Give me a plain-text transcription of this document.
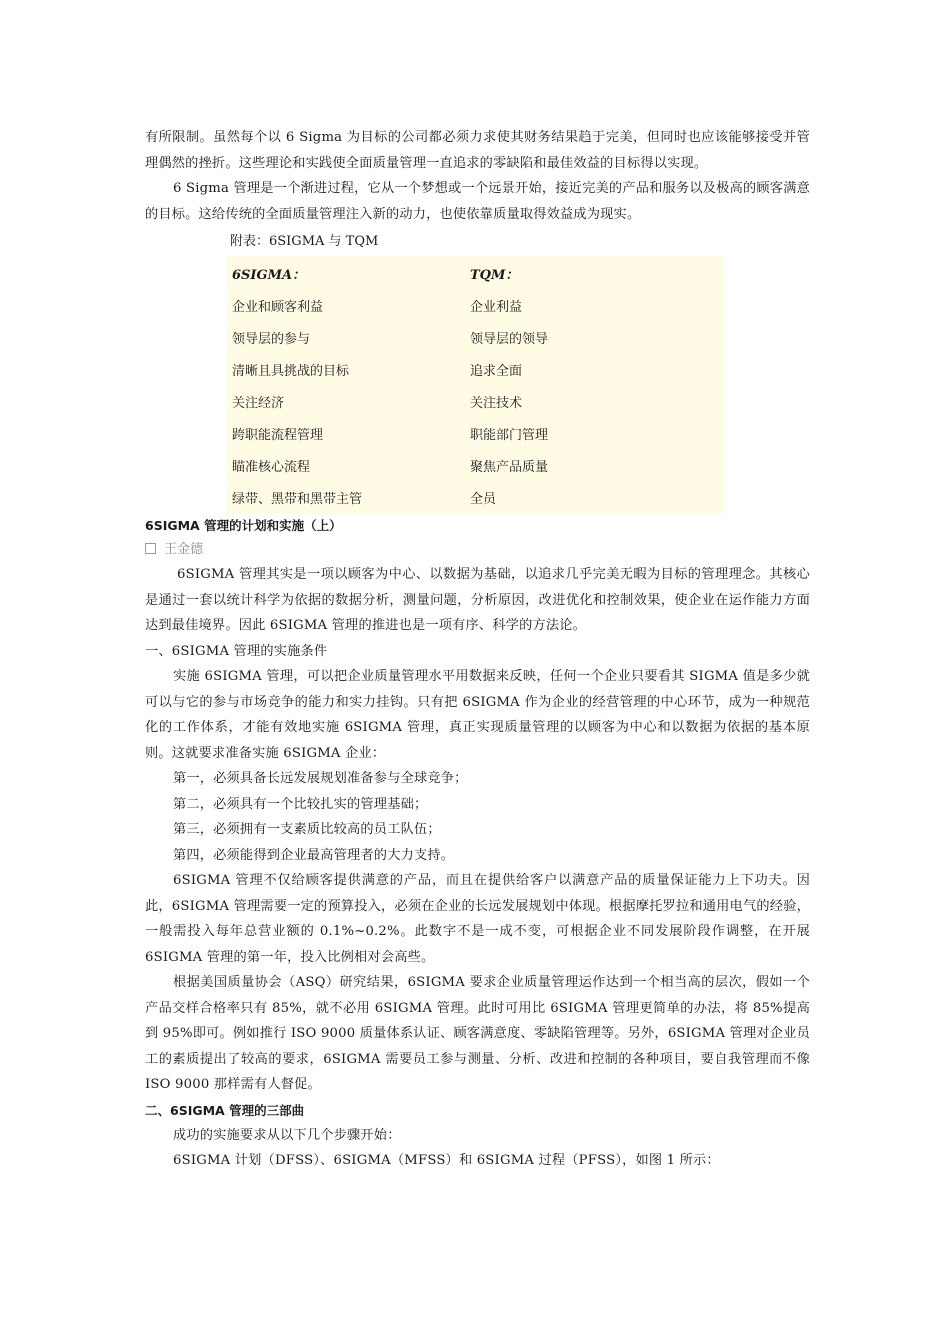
有所限制。虽然每个以 6 Sigma 为目标的公司都必须力求使其财务结果趋于完美，但同时也应该能够接受并管理偶然的挫折。这些理论和实践使全面质量管理一直追求的零缺陷和最佳效益的目标得以实现。

6 Sigma 管理是一个渐进过程，它从一个梦想或一个远景开始，接近完美的产品和服务以及极高的顾客满意的目标。这给传统的全面质量管理注入新的动力，也使依靠质量取得效益成为现实。

附表：6SIGMA 与 TQM
6SIGMA：	TQM：
企业和顾客利益	企业利益
领导层的参与	领导层的领导
清晰且具挑战的目标	追求全面
关注经济	关注技术
跨职能流程管理	职能部门管理
瞄准核心流程	聚焦产品质量
绿带、黑带和黑带主管	全员

6SIGMA 管理的计划和实施（上）

王金德

6SIGMA 管理其实是一项以顾客为中心、以数据为基础，以追求几乎完美无暇为目标的管理理念。其核心是通过一套以统计科学为依据的数据分析，测量问题，分析原因，改进优化和控制效果，使企业在运作能力方面达到最佳境界。因此 6SIGMA 管理的推进也是一项有序、科学的方法论。

一、6SIGMA 管理的实施条件

实施 6SIGMA 管理，可以把企业质量管理水平用数据来反映，任何一个企业只要看其 SIGMA 值是多少就可以与它的参与市场竞争的能力和实力挂钩。只有把 6SIGMA 作为企业的经营管理的中心环节，成为一种规范化的工作体系，才能有效地实施 6SIGMA 管理，真正实现质量管理的以顾客为中心和以数据为依据的基本原则。这就要求准备实施 6SIGMA 企业：

第一，必须具备长远发展规划准备参与全球竞争；

第二，必须具有一个比较扎实的管理基础；

第三，必须拥有一支素质比较高的员工队伍；

第四，必须能得到企业最高管理者的大力支持。

6SIGMA 管理不仅给顾客提供满意的产品，而且在提供给客户以满意产品的质量保证能力上下功夫。因此，6SIGMA 管理需要一定的预算投入，必须在企业的长远发展规划中体现。根据摩托罗拉和通用电气的经验，一般需投入每年总营业额的 0.1%~0.2%。此数字不是一成不变，可根据企业不同发展阶段作调整，在开展 6SIGMA 管理的第一年，投入比例相对会高些。

根据美国质量协会（ASQ）研究结果，6SIGMA 要求企业质量管理运作达到一个相当高的层次，假如一个产品交样合格率只有 85%，就不必用 6SIGMA 管理。此时可用比 6SIGMA 管理更简单的办法，将 85%提高到 95%即可。例如推行 ISO 9000 质量体系认证、顾客满意度、零缺陷管理等。另外，6SIGMA 管理对企业员工的素质提出了较高的要求，6SIGMA 需要员工参与测量、分析、改进和控制的各种项目，要自我管理而不像 ISO 9000 那样需有人督促。

二、6SIGMA 管理的三部曲

成功的实施要求从以下几个步骤开始：

6SIGMA 计划（DFSS）、6SIGMA（MFSS）和 6SIGMA 过程（PFSS），如图 1 所示：
